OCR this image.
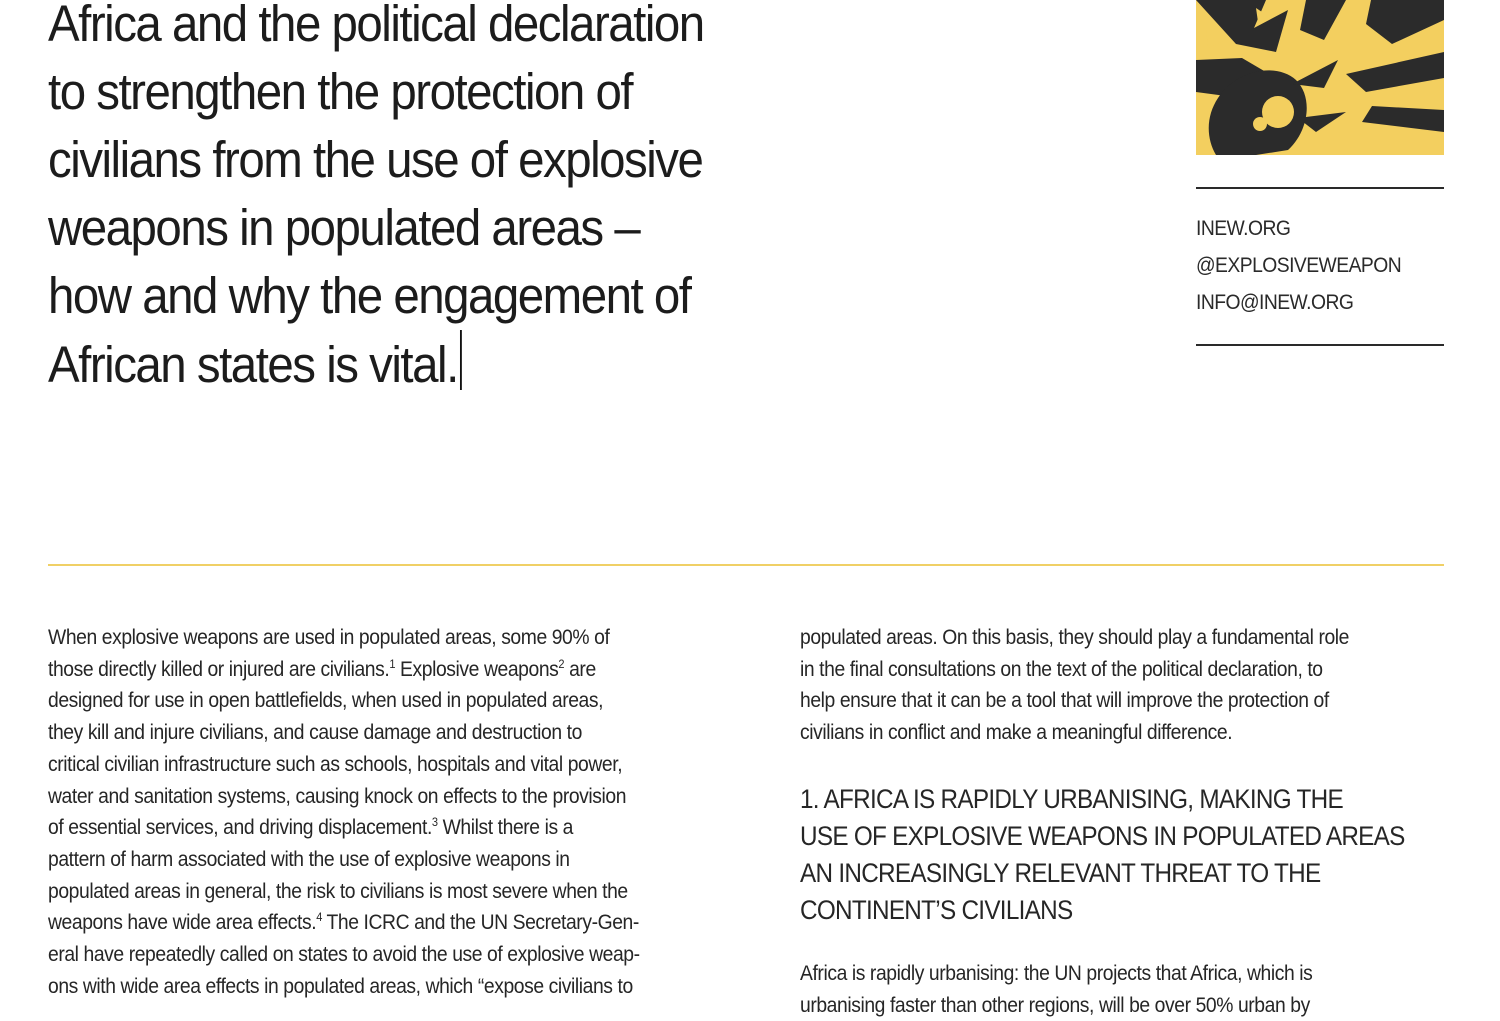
Africa and the political declaration
to strengthen the protection of
civilians from the use of explosive
weapons in populated areas –
how and why the engagement of
African states is vital.
INEW.ORG
@EXPLOSIVEWEAPON
INFO@INEW.ORG
When explosive weapons are used in populated areas, some 90% of
those directly killed or injured are civilians.$^1$ Explosive weapons$^2$ are
designed for use in open battlefields, when used in populated areas,
they kill and injure civilians, and cause damage and destruction to
critical civilian infrastructure such as schools, hospitals and vital power,
water and sanitation systems, causing knock on effects to the provision
of essential services, and driving displacement.$^3$ Whilst there is a
pattern of harm associated with the use of explosive weapons in
populated areas in general, the risk to civilians is most severe when the
weapons have wide area effects.$^4$ The ICRC and the UN Secretary-Gen-
eral have repeatedly called on states to avoid the use of explosive weap-
ons with wide area effects in populated areas, which “expose civilians to
populated areas. On this basis, they should play a fundamental role
in the final consultations on the text of the political declaration, to
help ensure that it can be a tool that will improve the protection of
civilians in conflict and make a meaningful difference.
1. AFRICA IS RAPIDLY URBANISING, MAKING THE
USE OF EXPLOSIVE WEAPONS IN POPULATED AREAS
AN INCREASINGLY RELEVANT THREAT TO THE
CONTINENT’S CIVILIANS
Africa is rapidly urbanising: the UN projects that Africa, which is
urbanising faster than other regions, will be over 50% urban by
